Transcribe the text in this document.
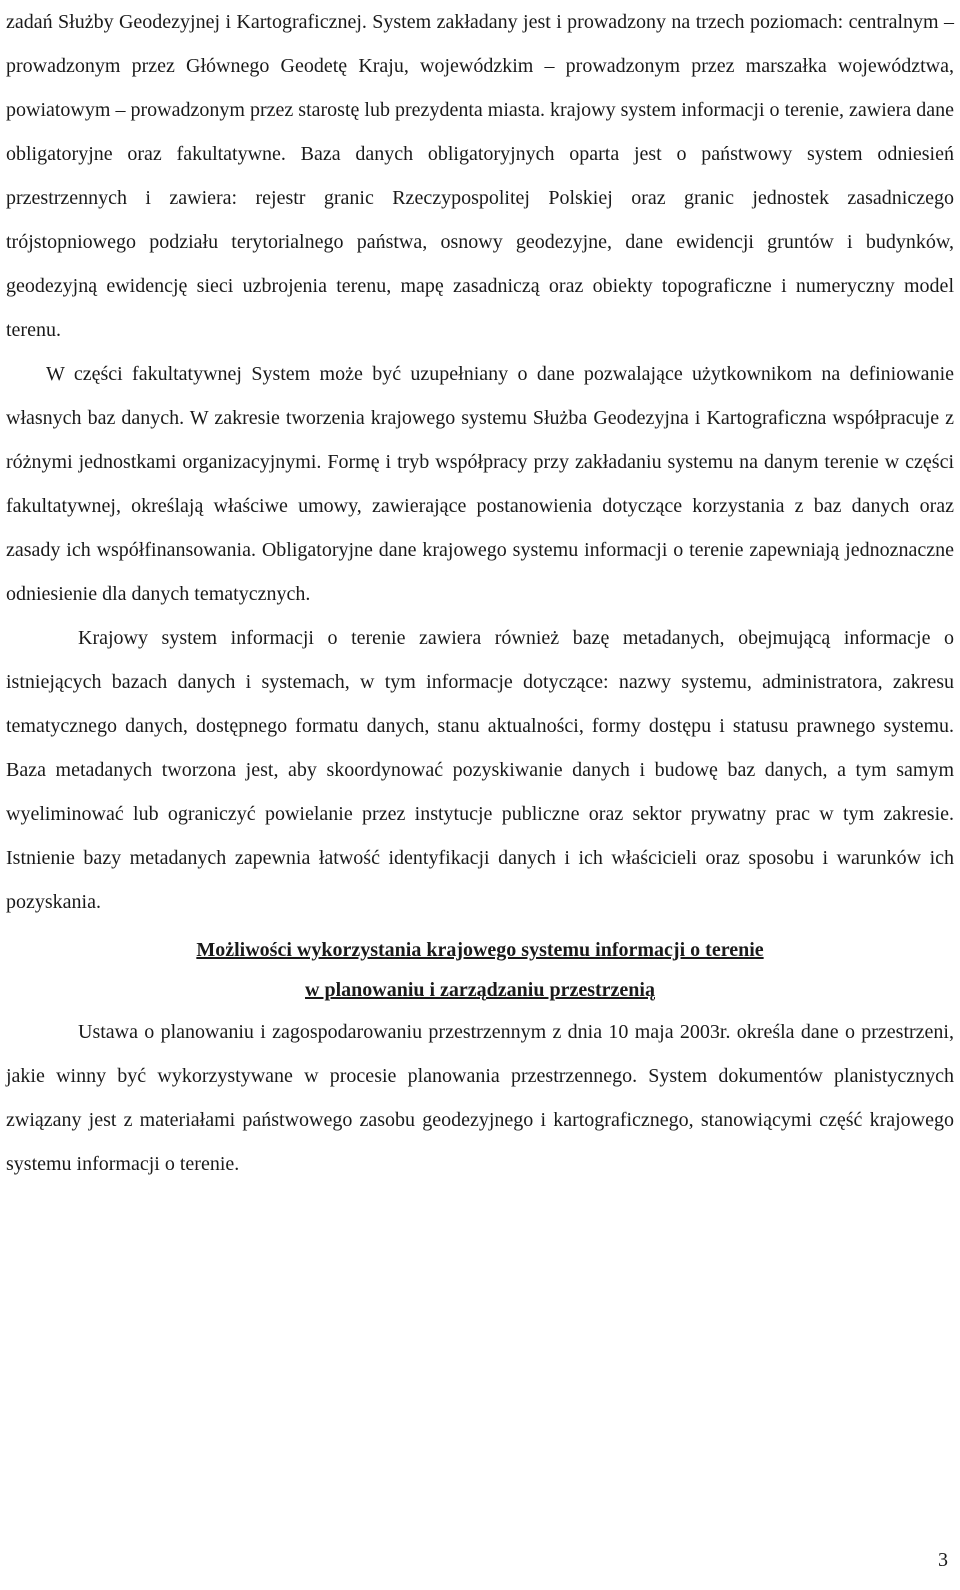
zadań Służby Geodezyjnej i Kartograficznej. System zakładany jest i prowadzony na trzech poziomach: centralnym – prowadzonym przez Głównego Geodetę Kraju, wojewódzkim – prowadzonym przez marszałka województwa, powiatowym – prowadzonym przez starostę lub prezydenta miasta. krajowy system informacji o terenie, zawiera dane obligatoryjne oraz fakultatywne. Baza danych obligatoryjnych oparta jest o państwowy system odniesień przestrzennych i zawiera: rejestr granic Rzeczypospolitej Polskiej oraz granic jednostek zasadniczego trójstopniowego podziału terytorialnego państwa, osnowy geodezyjne, dane ewidencji gruntów i budynków, geodezyjną ewidencję sieci uzbrojenia terenu, mapę zasadniczą oraz obiekty topograficzne i numeryczny model terenu.

W części fakultatywnej System może być uzupełniany o dane pozwalające użytkownikom na definiowanie własnych baz danych. W zakresie tworzenia krajowego systemu Służba Geodezyjna i Kartograficzna współpracuje z różnymi jednostkami organizacyjnymi. Formę i tryb współpracy przy zakładaniu systemu na danym terenie w części fakultatywnej, określają właściwe umowy, zawierające postanowienia dotyczące korzystania z baz danych oraz zasady ich współfinansowania. Obligatoryjne dane krajowego systemu informacji o terenie zapewniają jednoznaczne odniesienie dla danych tematycznych.

Krajowy system informacji o terenie zawiera również bazę metadanych, obejmującą informacje o istniejących bazach danych i systemach, w tym informacje dotyczące: nazwy systemu, administratora, zakresu tematycznego danych, dostępnego formatu danych, stanu aktualności, formy dostępu i statusu prawnego systemu. Baza metadanych tworzona jest, aby skoordynować pozyskiwanie danych i budowę baz danych, a tym samym wyeliminować lub ograniczyć powielanie przez instytucje publiczne oraz sektor prywatny prac w tym zakresie. Istnienie bazy metadanych zapewnia łatwość identyfikacji danych i ich właścicieli oraz sposobu i warunków ich pozyskania.

Możliwości wykorzystania krajowego systemu informacji o terenie

w planowaniu i zarządzaniu przestrzenią

Ustawa o planowaniu i zagospodarowaniu przestrzennym z dnia 10 maja 2003r. określa dane o przestrzeni, jakie winny być wykorzystywane w procesie planowania przestrzennego. System dokumentów planistycznych związany jest z materiałami państwowego zasobu geodezyjnego i kartograficznego, stanowiącymi część krajowego systemu informacji o terenie.

3
